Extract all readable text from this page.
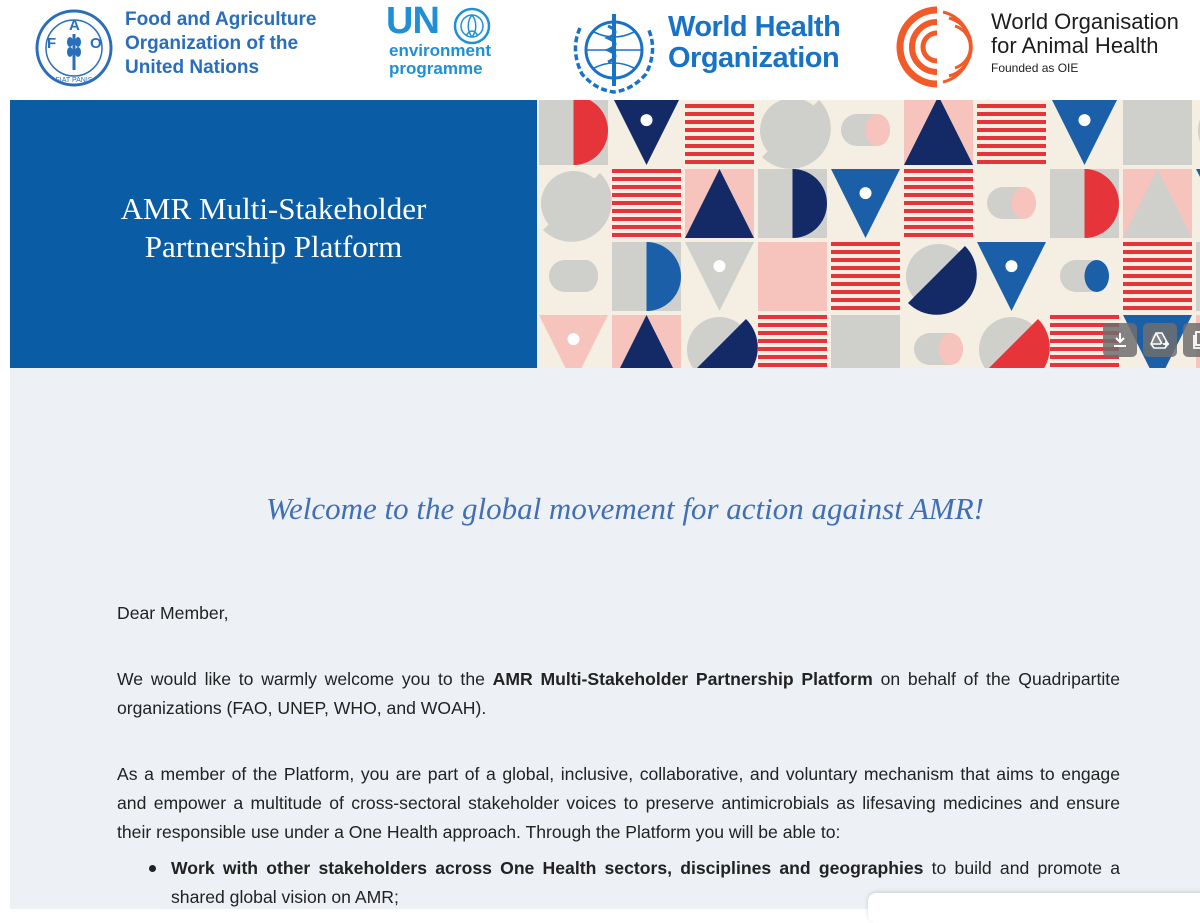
F
A
O
FIAT PANIS
Food and Agriculture
Organization of the
United Nations
UN
environment
programme
World Health
Organization
World Organisation
for Animal Health
Founded as OIE
AMR Multi-Stakeholder
Partnership Platform
Welcome to the global movement for action against AMR!
Dear Member,
We would like to warmly welcome you to the AMR Multi-Stakeholder Partnership Platform on behalf of the Quadripartite organizations (FAO, UNEP, WHO, and WOAH).
As a member of the Platform, you are part of a global, inclusive, collaborative, and voluntary mechanism that aims to engage and empower a multitude of cross-sectoral stakeholder voices to preserve antimicrobials as lifesaving medicines and ensure their responsible use under a One Health approach. Through the Platform you will be able to:
Work with other stakeholders across One Health sectors, disciplines and geographies to build and promote a shared global vision on AMR;
